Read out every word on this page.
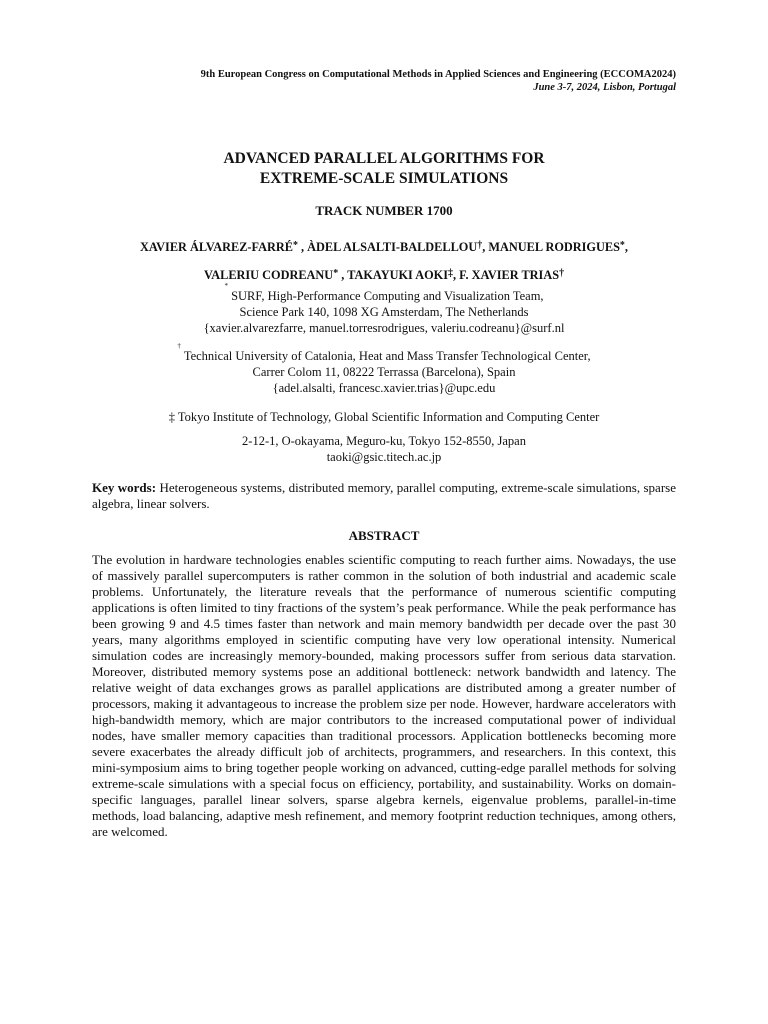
9th European Congress on Computational Methods in Applied Sciences and Engineering (ECCOMA2024)
June 3-7, 2024, Lisbon, Portugal
ADVANCED PARALLEL ALGORITHMS FOR
EXTREME-SCALE SIMULATIONS
TRACK NUMBER 1700
XAVIER ÁLVAREZ-FARRÉ* , ÀDEL ALSALTI-BALDELLOU†, MANUEL RODRIGUES*,
VALERIU CODREANU* , TAKAYUKI AOKI‡, F. XAVIER TRIAS†
* SURF, High-Performance Computing and Visualization Team,
Science Park 140, 1098 XG Amsterdam, The Netherlands
{xavier.alvarezfarre, manuel.torresrodrigues, valeriu.codreanu}@surf.nl
† Technical University of Catalonia, Heat and Mass Transfer Technological Center,
Carrer Colom 11, 08222 Terrassa (Barcelona), Spain
{adel.alsalti, francesc.xavier.trias}@upc.edu
‡ Tokyo Institute of Technology, Global Scientific Information and Computing Center
2-12-1, O-okayama, Meguro-ku, Tokyo 152-8550, Japan
taoki@gsic.titech.ac.jp
Key words: Heterogeneous systems, distributed memory, parallel computing, extreme-scale simulations, sparse algebra, linear solvers.
ABSTRACT
The evolution in hardware technologies enables scientific computing to reach further aims. Nowadays, the use of massively parallel supercomputers is rather common in the solution of both industrial and academic scale problems. Unfortunately, the literature reveals that the performance of numerous scientific computing applications is often limited to tiny fractions of the system’s peak performance. While the peak performance has been growing 9 and 4.5 times faster than network and main memory bandwidth per decade over the past 30 years, many algorithms employed in scientific computing have very low operational intensity. Numerical simulation codes are increasingly memory-bounded, making processors suffer from serious data starvation. Moreover, distributed memory systems pose an additional bottleneck: network bandwidth and latency. The relative weight of data exchanges grows as parallel applications are distributed among a greater number of processors, making it advantageous to increase the problem size per node. However, hardware accelerators with high-bandwidth memory, which are major contributors to the increased computational power of individual nodes, have smaller memory capacities than traditional processors. Application bottlenecks becoming more severe exacerbates the already difficult job of architects, programmers, and researchers. In this context, this mini-symposium aims to bring together people working on advanced, cutting-edge parallel methods for solving extreme-scale simulations with a special focus on efficiency, portability, and sustainability. Works on domain-specific languages, parallel linear solvers, sparse algebra kernels, eigenvalue problems, parallel-in-time methods, load balancing, adaptive mesh refinement, and memory footprint reduction techniques, among others, are welcomed.
